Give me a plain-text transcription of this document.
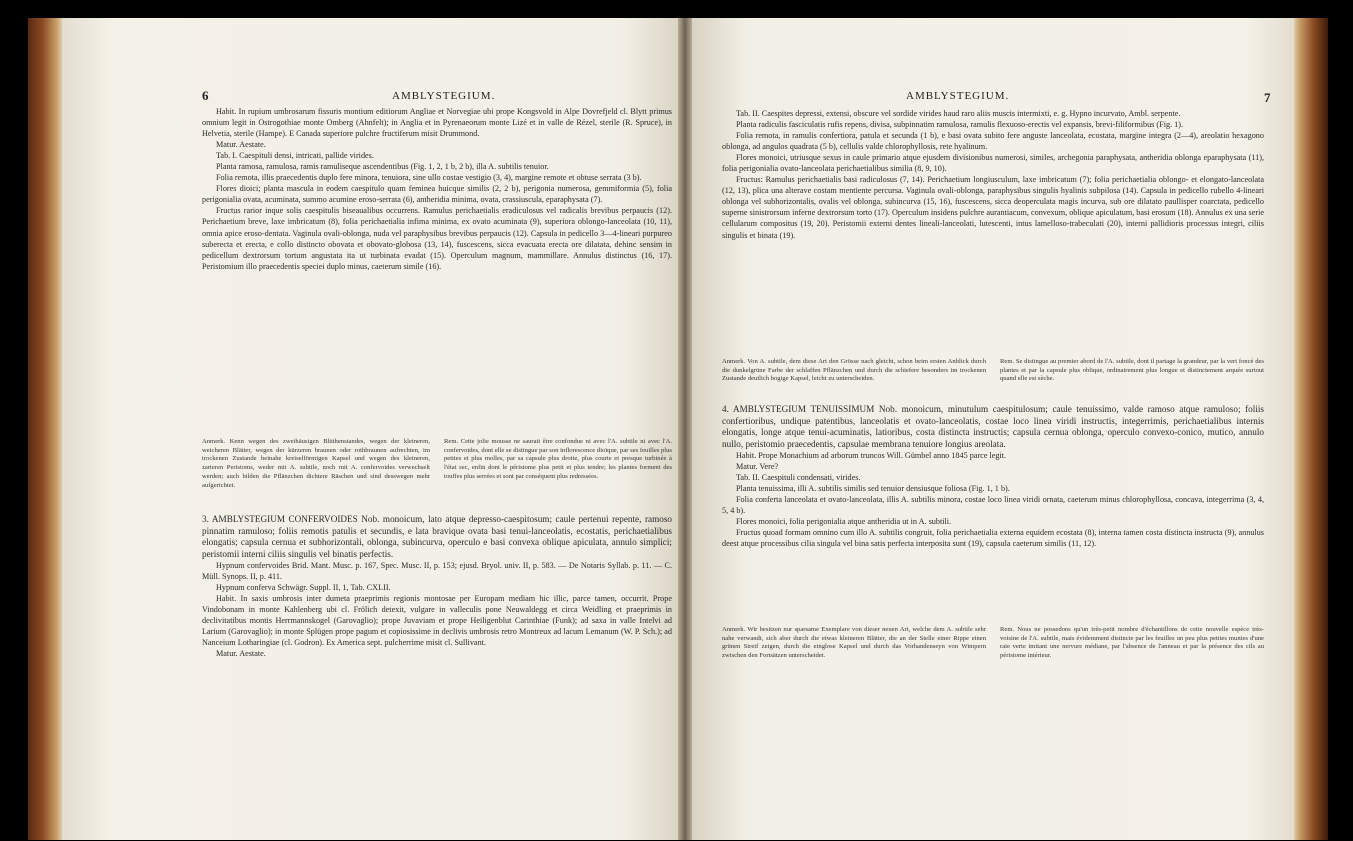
6	AMBLYSTEGIUM.

Habit. In rupium umbrosarum fissuris montium editiorum Angliae et Norvegiae ubi prope Kongsvold in Alpe Dovrefjeld cl. Blytt primus omnium legit in Ostrogothiae monte Omberg (Ahnfelt); in Anglia et in Pyrenaeorum monte Lizé et in valle de Rézel, sterile (R. Spruce), in Helvetia, sterile (Hampe). E Canada superiore pulchre fructiferum misit Drummond.

Matur. Aestate.

Tab. I. Caespituli densi, intricati, pallide virides.

Planta ramosa, ramulosa, ramis ramuliseque ascendentibus (Fig. 1, 2, 1 b, 2 b), illa A. subtilis tenuior.

Folia remota, illis praecedentis duplo fere minora, tenuiora, sine ullo costae vestigio (3, 4), margine remote et obtuse serrata (3 b).

Flores dioici; planta mascula in eodem caespitulo quam feminea huicque similis (2, 2 b), perigonia numerosa, gemmiformia (5), folia perigonialia ovata, acuminata, summo acumine eroso-serrata (6), antheridia minima, ovata, crassiuscula, eparaphysata (7).

Fructus rarior inque solis caespitulis biseaualibus occurrens. Ramulus perichaetialis eradiculosus vel radicalis brevibus perpaucis (12). Perichaetium breve, laxe imbricatum (8), folia perichaetialia infima minima, ex ovato acuminata (9), superiora oblongo-lanceolata (10, 11), omnia apice eroso-dentata. Vaginula ovali-oblonga, nuda vel paraphysibus brevibus perpaucis (12). Capsula in pedicello 3—4-lineari purpureo suberecta et erecta, e collo distincto obovata et obovato-globosa (13, 14), fuscescens, sicca evacuata erecta ore dilatata, dehinc sensim in pedicellum dextrorsum tortum angustata ita ut turbinata evadat (15). Operculum magnum, mammillare. Annulus distinctus (16, 17). Peristomium illo praecedentis speciei duplo minus, caeterum simile (16).

Anmerk. Kenn wegen des zweihäusigen Blüthenstandes, wegen der kleineren, weicheren Blätter, wegen der kürzeren braunen oder rothbraunen aufrechten, im trockenen Zustande beinahe kreiselförmigen Kapsel und wegen des kleineren, zarteren Peristoms, weder mit A. subtile, noch mit A. confervoides verwechselt werden; auch bilden die Pflänzchen dichtere Räschen und sind desswegen mehr aufgerichtet.

Rem. Cette jolie mousse ne saurait être confondue ni avec l'A. subtile ni avec l'A. confervoides, dont elle se distingue par son inflorescence dioïque, par ses feuilles plus petites et plus molles, par sa capsule plus droite, plus courte et presque turbinée à l'état sec, enfin dont le péristome plus petit et plus tendre; les plantes forment des touffes plus serrées et sont par conséquent plus redressées.

3. AMBLYSTEGIUM CONFERVOIDES Nob. monoicum, lato atque depresso-caespitosum; caule pertenui repente, ramoso pinnatim ramuloso; foliis remotis patulis et secundis, e lata bravique ovata basi tenui-lanceolatis, ecostatis, perichaetialibus elongatis; capsula cernua et subhorizontali, oblonga, subincurva, operculo e basi convexa oblique apiculata, annulo simplici; peristomii interni ciliis singulis vel binatis perfectis.

Hypnum confervoides Brid. Mant. Musc. p. 167, Spec. Musc. II, p. 153; ejusd. Bryol. univ. II, p. 583. — De Notaris Syllab. p. 11. — C. Müll. Synops. II, p. 411.

Hypnum conferva Schwägr. Suppl. II, 1, Tab. CXLII.

Habit. In saxis umbrosis inter dumeta praeprimis regionis montosae per Europam mediam hic illic, parce tamen, occurrit. Prope Vindobonam in monte Kahlenberg ubi cl. Frölich detexit, vulgare in valleculis pone Neuwaldegg et circa Weidling et praeprimis in declivitatibus montis Herrmannskogel (Garovaglio); prope Juvaviam et prope Heiligenblut Carinthiae (Funk); ad saxa in valle Intelvi ad Larium (Garovaglio); in monte Splügen prope pagum et copiosissime in declivis umbrosis retro Montreux ad lacum Lemanum (W. P. Sch.); ad Nanceium Lotharingiae (cl. Godron). Ex America sept. pulcherrime misit cl. Sullivant.

Matur. Aestate.

AMBLYSTEGIUM.	7

Tab. II. Caespites depressi, extensi, obscure vel sordide virides haud raro aliis muscis intermixti, e. g. Hypno incurvato, Ambl. serpente.

Planta radiculis fasciculatis rufis repens, divisa, subpinnatim ramulosa, ramulis flexuoso-erectis vel expansis, brevi-filiformibus (Fig. 1).

Folia remota, in ramulis confertiora, patula et secunda (1 b), e basi ovata subito fere anguste lanceolata, ecostata, margine integra (2—4), areolatio hexagono oblonga, ad angulos quadrata (5 b), cellulis valde chlorophyllosis, rete hyalinum.

Flores monoici, utriusque sexus in caule primario atque ejusdem divisionibus numerosi, similes, archegonia paraphysata, antheridia oblonga eparaphysata (11), folia perigonialia ovato-lanceolata perichaetialibus similia (8, 9, 10).

Fructus: Ramulus perichaetialis basi radiculosus (7, 14). Perichaetium longiusculum, laxe imbricatum (7); folia perichaetialia oblongo- et elongato-lanceolata (12, 13), plica una alterave costam mentiente percursa. Vaginula ovali-oblonga, paraphysibus singulis hyalinis subpilosa (14). Capsula in pedicello rubello 4-lineari oblonga vel subhorizontalis, ovalis vel oblonga, subincurva (15, 16), fuscescens, sicca deoperculata magis incurva, sub ore dilatato paullisper coarctata, pedicello superne sinistrorsum inferne dextrorsum torto (17). Operculum insidens pulchre aurantiacum, convexum, oblique apiculatum, basi erosum (18). Annulus ex una serie cellularum compositus (19, 20). Peristomii externi dentes lineali-lanceolati, lutescenti, intus lamelloso-trabeculati (20), interni pallidioris processus integri, ciliis singulis et binata (19).

Anmerk. Von A. subtile, dem diese Art den Grösse nach gleicht, schon beim ersten Anblick durch die dunkelgrüne Farbe der schlaffen Pflänzchen und durch die schiefere besonders im trockenen Zustande deutlich bogige Kapsel, leicht zu unterscheiden.

Rem. Se distingue au premier abord de l'A. subtile, dont il partage la grandeur, par la vert foncé des plantes et par la capsule plus oblique, ordinairement plus longue et distinctement arquée surtout quand elle est sèche.

4. AMBLYSTEGIUM TENUISSIMUM Nob. monoicum, minutulum caespitulosum; caule tenuissimo, valde ramoso atque ramuloso; foliis confertioribus, undique patentibus, lanceolatis et ovato-lanceolatis, costae loco linea viridi instructis, integerrimis, perichaetialibus internis elongatis, longe atque tenui-acuminatis, latioribus, costa distincta instructis; capsula cernua oblonga, operculo convexo-conico, mutico, annulo nullo, peristomio praecedentis, capsulae membrana tenuiore longius areolata.

Habit. Prope Monachium ad arborum truncos Will. Gümbel anno 1845 parce legit.

Matur. Vere?

Tab. II. Caespituli condensati, virides.

Planta tenuissima, illi A. subtilis similis sed tenuior densiusque foliosa (Fig. 1, 1 b).

Folia conferta lanceolata et ovato-lanceolata, illis A. subtilis minora, costae loco linea viridi ornata, caeterum minus chlorophyllosa, concava, integerrima (3, 4, 5, 4 b).

Flores monoici, folia perigonialia atque antheridia ut in A. subtili.

Fructus quoad formam omnino cum illo A. subtilis congruit, folia perichaetialia externa equidem ecostata (8), interna tamen costa distincta instructa (9), annulus deest atque processibus cilia singula vel bina satis perfecta interposita sunt (19), capsula caeterum similis (11, 12).

Anmerk. Wir besitzen nur sparsame Exemplare von dieser neuen Art, welche dem A. subtile sehr nahe verwandt, sich aber durch die etwas kleineren Blätter, die an der Stelle einer Rippe einen grünen Streif zeigen, durch die einglose Kapsel und durch das Vorhandenseyn von Wimpern zwischen den Fortsätzen unterscheidet.

Rem. Nous ne possedons qu'un très-petit nombre d'échantillons de cette nouvelle espèce très-voisine de l'A. subtile, mais évidemment distincte par les feuilles un peu plus petites munies d'une raie verte imitant une nervure médiane, par l'absence de l'anneau et par la présence des cils au péristome intérieur.
